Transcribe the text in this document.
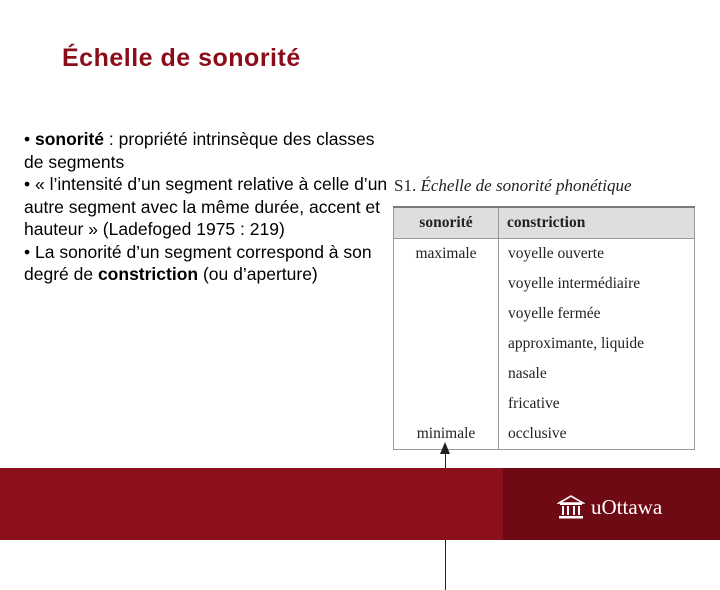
Échelle de sonorité

• sonorité : propriété intrinsèque des classes de segments

• « l’intensité d’un segment relative à celle d’un autre segment avec la même durée, accent et hauteur » (Ladefoged 1975 : 219)

• La sonorité d’un segment correspond à son degré de constriction (ou d’aperture)

S1. Échelle de sonorité phonétique
sonorité	constriction
maximale	voyelle ouverte
	voyelle intermédiaire
	voyelle fermée
	approximante, liquide
	nasale
	fricative
minimale	occlusive
uOttawa
